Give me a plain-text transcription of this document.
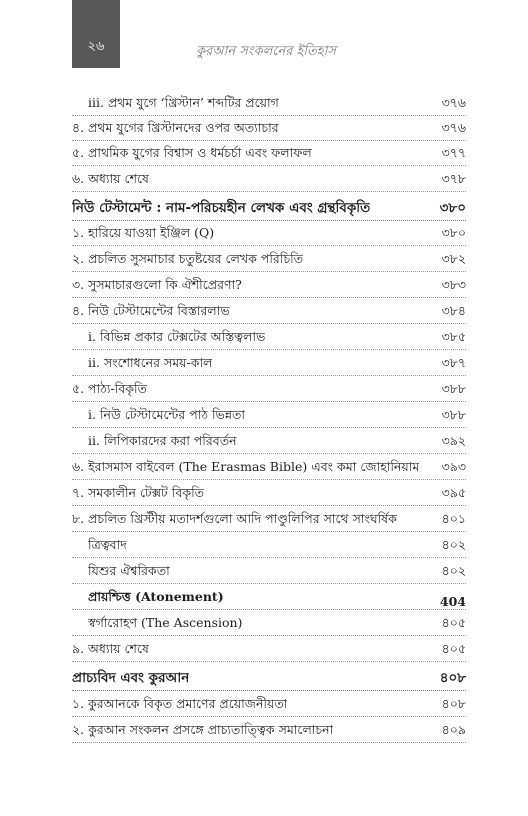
২৬	কুরআন সংকলনের ইতিহাস
iii. প্রথম যুগে ‘খ্রিস্টান’ শব্দটির প্রয়োগ	৩৭৬
৪. প্রথম যুগের খ্রিস্টানদের ওপর অত্যাচার	৩৭৬
৫. প্রাথমিক যুগের বিশ্বাস ও ধর্মচর্চা এবং ফলাফল	৩৭৭
৬. অধ্যায় শেষে	৩৭৮
নিউ টেস্টামেন্ট : নাম-পরিচয়হীন লেখক এবং গ্রন্থবিকৃতি	৩৮০
১. হারিয়ে যাওয়া ইঞ্জিল (Q)	৩৮০
২. প্রচলিত সুসমাচার চতুষ্টয়ের লেখক পরিচিতি	৩৮২
৩. সুসমাচারগুলো কি ঐশীপ্রেরণা?	৩৮৩
৪. নিউ টেস্টামেন্টের বিস্তারলাভ	৩৮৪
i. বিভিন্ন প্রকার টেক্সটের অস্তিত্বলাভ	৩৮৫
ii. সংশোধনের সময়-কাল	৩৮৭
৫. পাঠ্য-বিকৃতি	৩৮৮
i. নিউ টেস্টামেন্টের পাঠ ভিন্নতা	৩৮৮
ii. লিপিকারদের করা পরিবর্তন	৩৯২
৬. ইরাসমাস বাইবেল (The Erasmas Bible) এবং কমা জোহানিয়াম ৩৯৩
৭. সমকালীন টেক্সট বিকৃতি	৩৯৫
৮. প্রচলিত খ্রিস্টীয় মতাদর্শগুলো আদি পাণ্ডুলিপির সাথে সাংঘর্ষিক	৪০১
ত্রিত্ববাদ	৪০২
যিশুর ঐশ্বরিকতা	৪০২
প্রায়শ্চিত্ত (Atonement)	404
স্বর্গারোহণ (The Ascension)	৪০৫
৯. অধ্যায় শেষে	৪০৫
প্রাচ্যবিদ এবং কুরআন	৪০৮
১. কুরআনকে বিকৃত প্রমাণের প্রয়োজনীয়তা	৪০৮
২. কুরআন সংকলন প্রসঙ্গে প্রাচ্যতাত্ত্বিক সমালোচনা	৪০৯
